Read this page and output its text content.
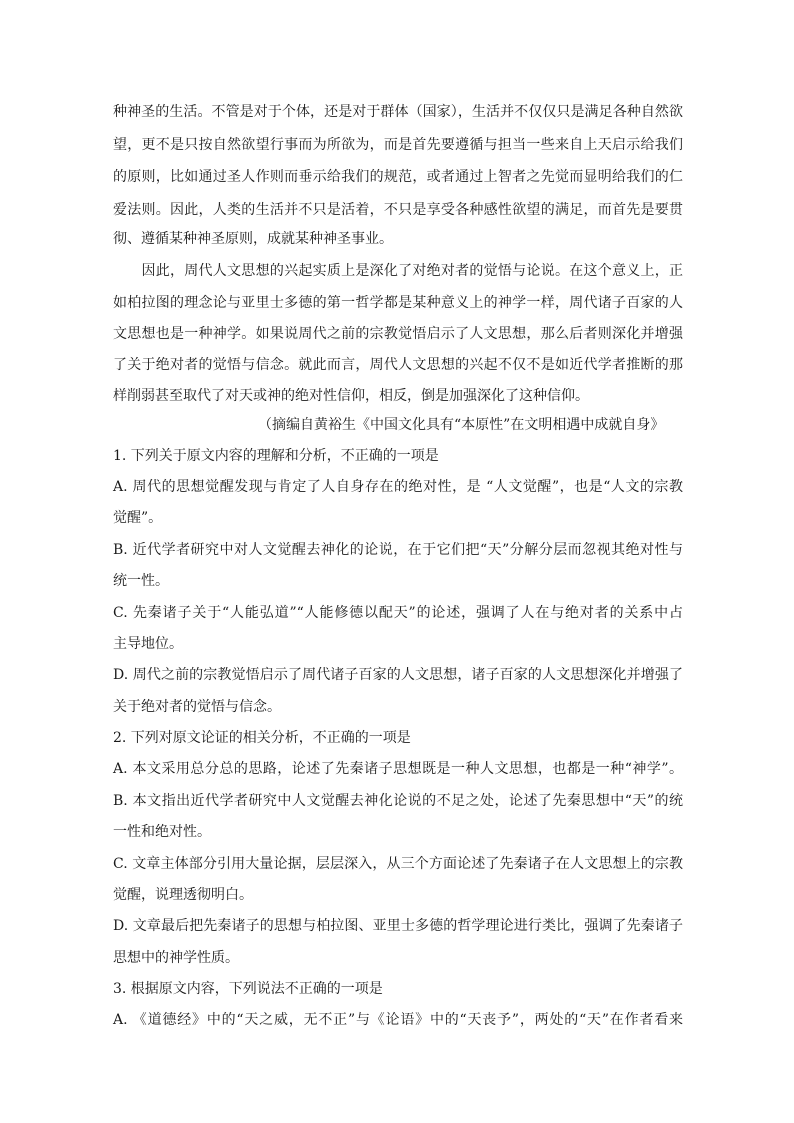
种神圣的生活。不管是对于个体，还是对于群体（国家），生活并不仅仅只是满足各种自然欲
望，更不是只按自然欲望行事而为所欲为，而是首先要遵循与担当一些来自上天启示给我们
的原则，比如通过圣人作则而垂示给我们的规范，或者通过上智者之先觉而显明给我们的仁
爱法则。因此，人类的生活并不只是活着，不只是享受各种感性欲望的满足，而首先是要贯
彻、遵循某种神圣原则，成就某种神圣事业。
　　因此，周代人文思想的兴起实质上是深化了对绝对者的觉悟与论说。在这个意义上，正
如柏拉图的理念论与亚里士多德的第一哲学都是某种意义上的神学一样，周代诸子百家的人
文思想也是一种神学。如果说周代之前的宗教觉悟启示了人文思想，那么后者则深化并增强
了关于绝对者的觉悟与信念。就此而言，周代人文思想的兴起不仅不是如近代学者推断的那
样削弱甚至取代了对天或神的绝对性信仰，相反，倒是加强深化了这种信仰。
（摘编自黄裕生《中国文化具有“本原性”在文明相遇中成就自身》
1. 下列关于原文内容的理解和分析，不正确的一项是
A. 周代的思想觉醒发现与肯定了人自身存在的绝对性，是 “人文觉醒”，也是“人文的宗教
觉醒”。
B. 近代学者研究中对人文觉醒去神化的论说，在于它们把“天”分解分层而忽视其绝对性与
统一性。
C. 先秦诸子关于“人能弘道”“人能修德以配天”的论述，强调了人在与绝对者的关系中占
主导地位。
D. 周代之前的宗教觉悟启示了周代诸子百家的人文思想，诸子百家的人文思想深化并增强了
关于绝对者的觉悟与信念。
2. 下列对原文论证的相关分析，不正确的一项是
A. 本文采用总分总的思路，论述了先秦诸子思想既是一种人文思想，也都是一种“神学”。
B. 本文指出近代学者研究中人文觉醒去神化论说的不足之处，论述了先秦思想中“天”的统
一性和绝对性。
C. 文章主体部分引用大量论据，层层深入，从三个方面论述了先秦诸子在人文思想上的宗教
觉醒，说理透彻明白。
D. 文章最后把先秦诸子的思想与柏拉图、亚里士多德的哲学理论进行类比，强调了先秦诸子
思想中的神学性质。
3. 根据原文内容，下列说法不正确的一项是
A. 《道德经》中的“天之威，无不正”与《论语》中的“天丧予”，两处的“天”在作者看来
